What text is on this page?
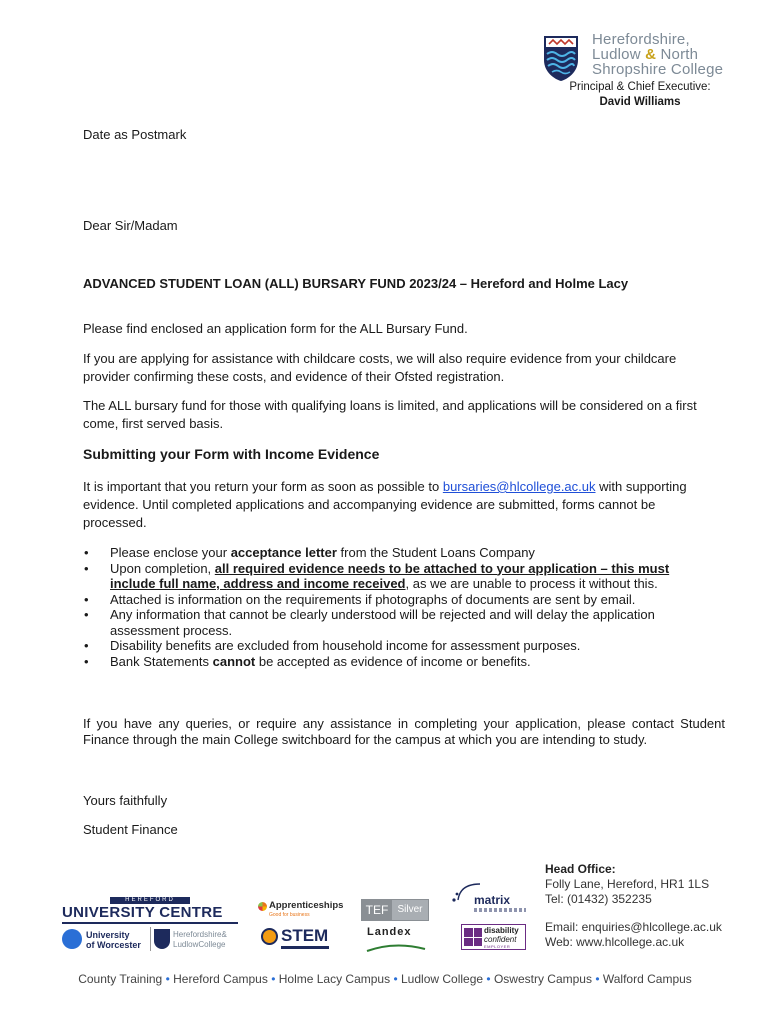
Herefordshire,
Ludlow & North
Shropshire College
Principal & Chief Executive:
David Williams
Date as Postmark
Dear Sir/Madam
ADVANCED STUDENT LOAN (ALL) BURSARY FUND 2023/24 – Hereford and Holme Lacy
Please find enclosed an application form for the ALL Bursary Fund.
If you are applying for assistance with childcare costs, we will also require evidence from your childcare provider confirming these costs, and evidence of their Ofsted registration.
The ALL bursary fund for those with qualifying loans is limited, and applications will be considered on a first come, first served basis.
Submitting your Form with Income Evidence
It is important that you return your form as soon as possible to bursaries@hlcollege.ac.uk with supporting evidence. Until completed applications and accompanying evidence are submitted, forms cannot be processed.
• Please enclose your acceptance letter from the Student Loans Company
• Upon completion, all required evidence needs to be attached to your application – this must include full name, address and income received, as we are unable to process it without this.
• Attached is information on the requirements if photographs of documents are sent by email.
• Any information that cannot be clearly understood will be rejected and will delay the application assessment process.
• Disability benefits are excluded from household income for assessment purposes.
• Bank Statements cannot be accepted as evidence of income or benefits.
If you have any queries, or require any assistance in completing your application, please contact Student Finance through the main College switchboard for the campus at which you are intending to study.
Yours faithfully
Student Finance
HEREFORD
UNIVERSITY CENTRE
University
of Worcester
Herefordshire&
LudlowCollege
Apprenticeships
Good for business
STEM
TEF Silver
Landex
matrix
disability
confident
EMPLOYER
Head Office:
Folly Lane, Hereford, HR1 1LS
Tel: (01432) 352235
Email: enquiries@hlcollege.ac.uk
Web: www.hlcollege.ac.uk
County Training • Hereford Campus • Holme Lacy Campus • Ludlow College • Oswestry Campus • Walford Campus
